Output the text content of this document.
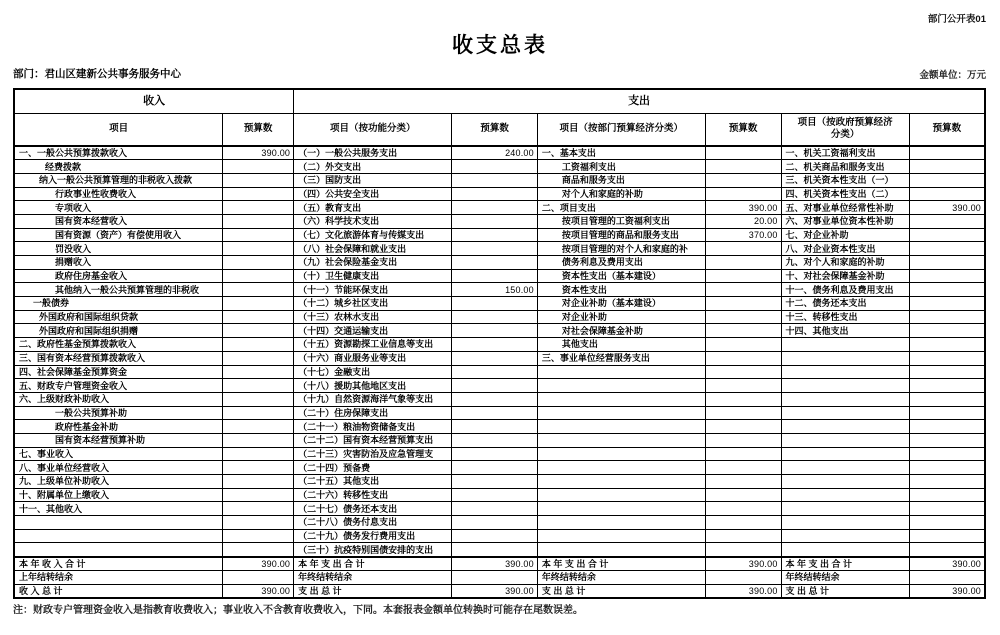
部门公开表01
收支总表
部门：君山区建新公共事务服务中心	金额单位：万元
收入		支出					
项目	预算数	项目（按功能分类）	预算数	项目（按部门预算经济分类）	预算数	项目（按政府预算经济分类）	预算数
一、一般公共预算拨款收入	390.00	（一）一般公共服务支出	240.00	一、基本支出		一、机关工资福利支出	
经费拨款		（二）外交支出		工资福利支出		二、机关商品和服务支出	
纳入一般公共预算管理的非税收入拨款		（三）国防支出		商品和服务支出		三、机关资本性支出（一）	
行政事业性收费收入		（四）公共安全支出		对个人和家庭的补助		四、机关资本性支出（二）	
专项收入		（五）教育支出		二、项目支出	390.00	五、对事业单位经常性补助	390.00
国有资本经营收入		（六）科学技术支出		按项目管理的工资福利支出	20.00	六、对事业单位资本性补助	
国有资源（资产）有偿使用收入		（七）文化旅游体育与传媒支出		按项目管理的商品和服务支出	370.00	七、对企业补助	
罚没收入		（八）社会保障和就业支出		按项目管理的对个人和家庭的补		八、对企业资本性支出	
捐赠收入		（九）社会保险基金支出		债务利息及费用支出		九、对个人和家庭的补助	
政府住房基金收入		（十）卫生健康支出		资本性支出（基本建设）		十、对社会保障基金补助	
其他纳入一般公共预算管理的非税收		（十一）节能环保支出	150.00	资本性支出		十一、债务利息及费用支出	
一般债券		（十二）城乡社区支出		对企业补助（基本建设）		十二、债务还本支出	
外国政府和国际组织贷款		（十三）农林水支出		对企业补助		十三、转移性支出	
外国政府和国际组织捐赠		（十四）交通运输支出		对社会保障基金补助		十四、其他支出	
二、政府性基金预算拨款收入		（十五）资源勘探工业信息等支出		其他支出			
三、国有资本经营预算拨款收入		（十六）商业服务业等支出		三、事业单位经营服务支出			
四、社会保障基金预算资金		（十七）金融支出					
五、财政专户管理资金收入		（十八）援助其他地区支出					
六、上级财政补助收入		（十九）自然资源海洋气象等支出					
一般公共预算补助		（二十）住房保障支出					
政府性基金补助		（二十一）粮油物资储备支出					
国有资本经营预算补助		（二十二）国有资本经营预算支出					
七、事业收入		（二十三）灾害防治及应急管理支					
八、事业单位经营收入		（二十四）预备费					
九、上级单位补助收入		（二十五）其他支出					
十、附属单位上缴收入		（二十六）转移性支出					
十一、其他收入		（二十七）债务还本支出					
		（二十八）债务付息支出					
		（二十九）债务发行费用支出					
		（三十）抗疫特别国债安排的支出					
本 年 收 入 合 计	390.00	本 年 支 出 合 计	390.00	本 年 支 出 合 计	390.00	本 年 支 出 合 计	390.00
上年结转结余		年终结转结余		年终结转结余		年终结转结余	
收 入 总 计	390.00	支 出 总 计	390.00	支 出 总 计	390.00	支 出 总 计	390.00
注：财政专户管理资金收入是指教育收费收入；事业收入不含教育收费收入，下同。本套报表金额单位转换时可能存在尾数误差。
